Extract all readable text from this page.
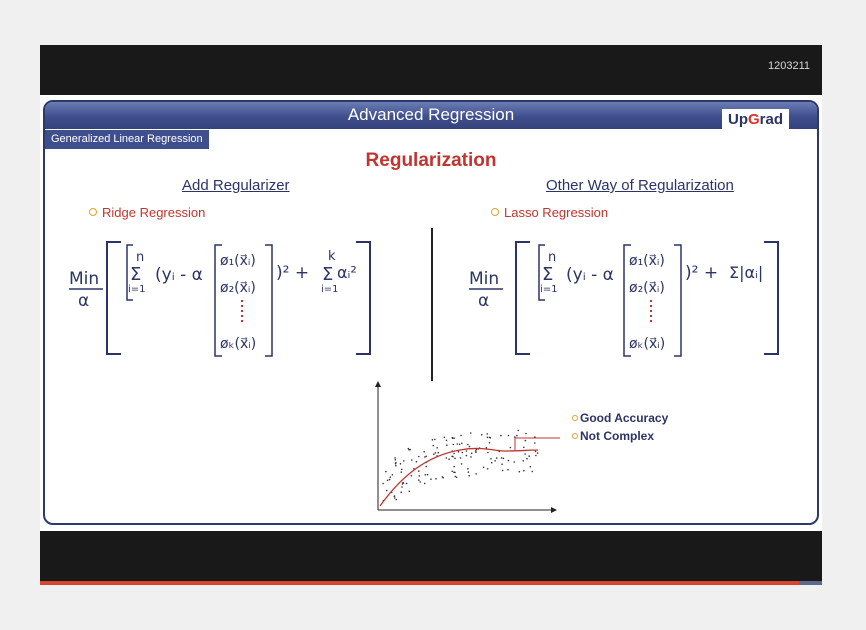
1203211
Advanced Regression	UpGrad
Generalized Linear Regression
Regularization
Add Regularizer
Ridge Regression
Min
α
n
Σ
i=1
(yᵢ - α
ø₁(x⃗ᵢ)
ø₂(x⃗ᵢ)
øₖ(x⃗ᵢ)
)² +
k
Σ
i=1
αᵢ²	Min
α
n
Σ
i=1
(yᵢ - α
ø₁(x⃗ᵢ)
ø₂(x⃗ᵢ)
øₖ(x⃗ᵢ)
)² + Σ|αᵢ|
Other Way of Regularization
Lasso Regression
Good Accuracy
Not Complex
